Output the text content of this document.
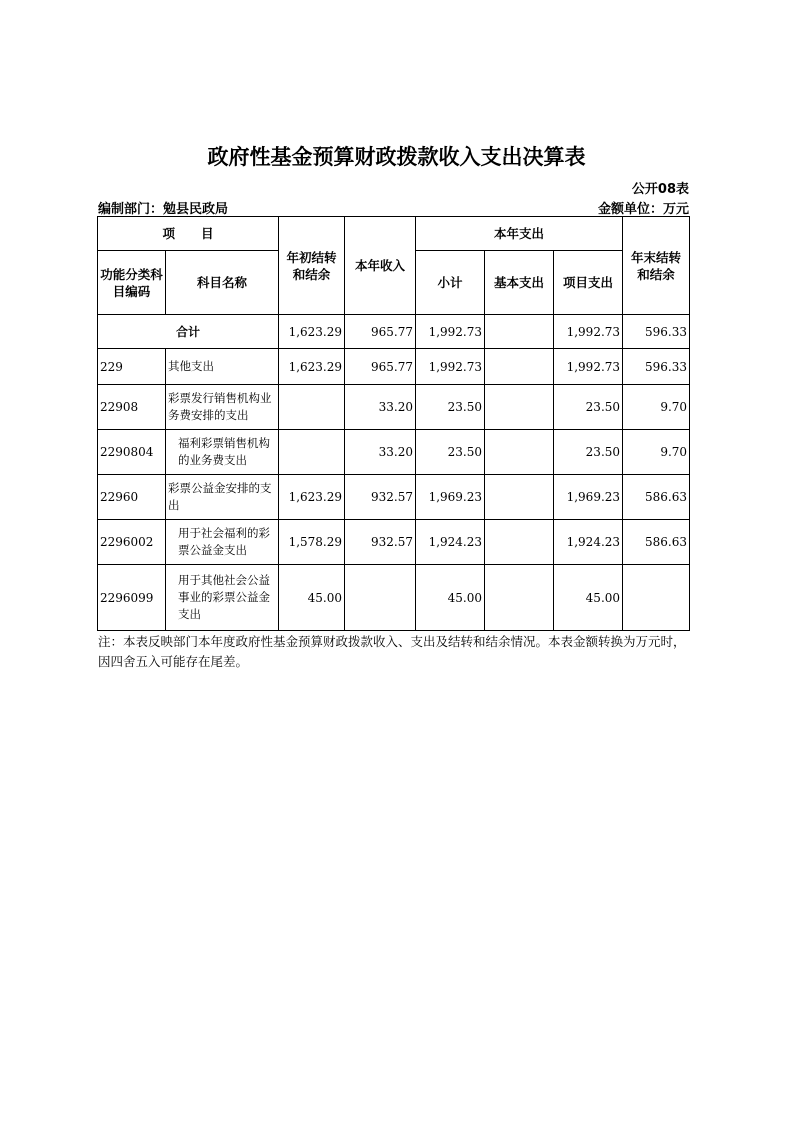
政府性基金预算财政拨款收入支出决算表
公开08表
编制部门：勉县民政局	金额单位：万元
项      目		年初结转和结余	本年收入	本年支出			年末结转和结余
功能分类科目编码	科目名称			小计	基本支出	项目支出	
合计		1,623.29	965.77	1,992.73		1,992.73	596.33
229	其他支出	1,623.29	965.77	1,992.73		1,992.73	596.33
22908	彩票发行销售机构业务费安排的支出		33.20	23.50		23.50	9.70
2290804	福利彩票销售机构的业务费支出		33.20	23.50		23.50	9.70
22960	彩票公益金安排的支出	1,623.29	932.57	1,969.23		1,969.23	586.63
2296002	用于社会福利的彩票公益金支出	1,578.29	932.57	1,924.23		1,924.23	586.63
2296099	用于其他社会公益事业的彩票公益金支出	45.00		45.00		45.00	
注：本表反映部门本年度政府性基金预算财政拨款收入、支出及结转和结余情况。本表金额转换为万元时，因四舍五入可能存在尾差。
